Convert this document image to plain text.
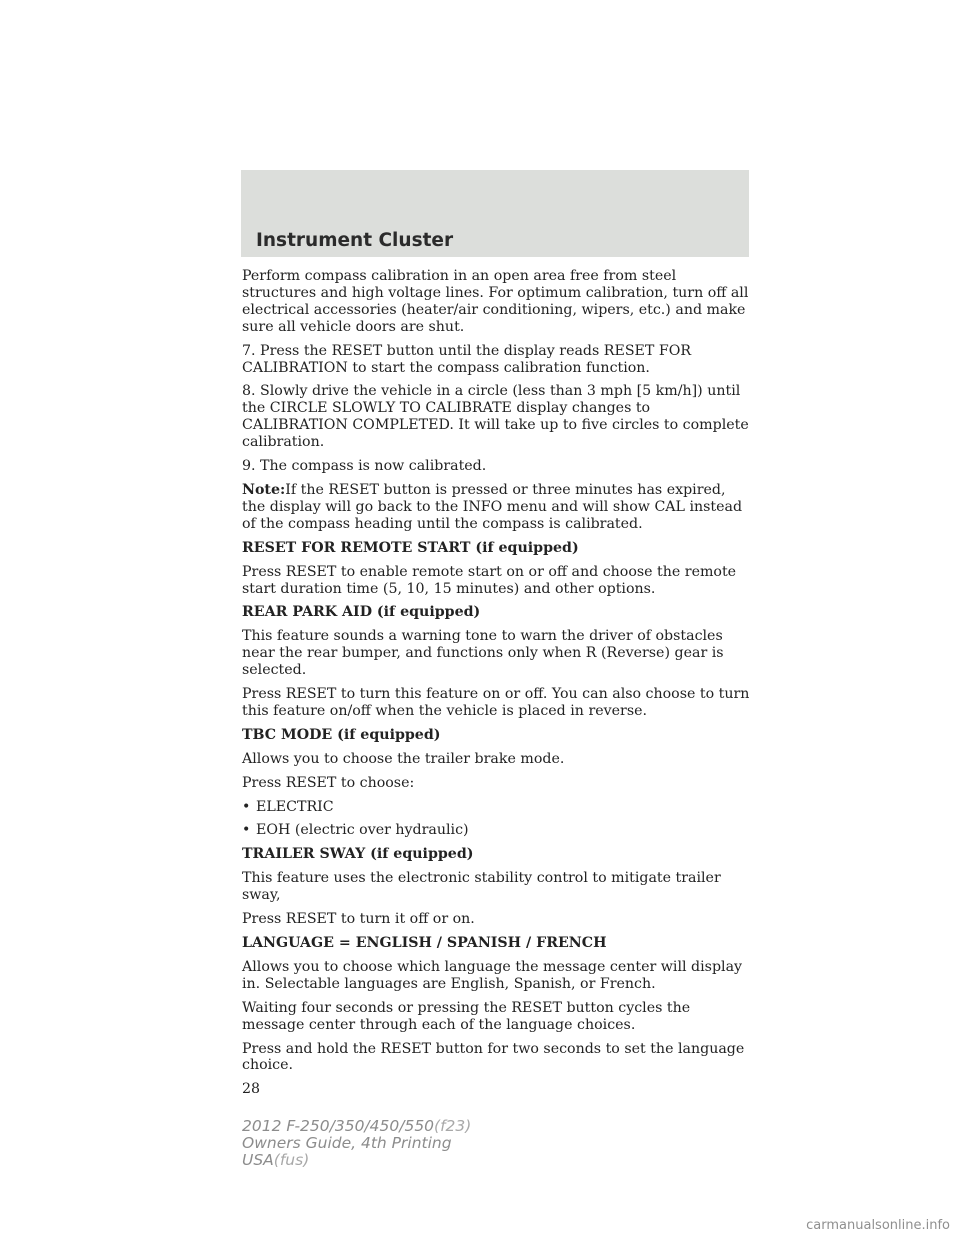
Instrument Cluster

Perform compass calibration in an open area free from steel structures and high voltage lines. For optimum calibration, turn off all electrical accessories (heater/air conditioning, wipers, etc.) and make sure all vehicle doors are shut.

7. Press the RESET button until the display reads RESET FOR CALIBRATION to start the compass calibration function.

8. Slowly drive the vehicle in a circle (less than 3 mph [5 km/h]) until the CIRCLE SLOWLY TO CALIBRATE display changes to CALIBRATION COMPLETED. It will take up to five circles to complete calibration.

9. The compass is now calibrated.

Note:If the RESET button is pressed or three minutes has expired, the display will go back to the INFO menu and will show CAL instead of the compass heading until the compass is calibrated.

RESET FOR REMOTE START (if equipped)

Press RESET to enable remote start on or off and choose the remote start duration time (5, 10, 15 minutes) and other options.

REAR PARK AID (if equipped)

This feature sounds a warning tone to warn the driver of obstacles near the rear bumper, and functions only when R (Reverse) gear is selected.

Press RESET to turn this feature on or off. You can also choose to turn this feature on/off when the vehicle is placed in reverse.

TBC MODE (if equipped)

Allows you to choose the trailer brake mode.

Press RESET to choose:

• ELECTRIC

• EOH (electric over hydraulic)

TRAILER SWAY (if equipped)

This feature uses the electronic stability control to mitigate trailer sway,

Press RESET to turn it off or on.

LANGUAGE = ENGLISH / SPANISH / FRENCH

Allows you to choose which language the message center will display in. Selectable languages are English, Spanish, or French.

Waiting four seconds or pressing the RESET button cycles the message center through each of the language choices.

Press and hold the RESET button for two seconds to set the language choice.

28

2012 F-250/350/450/550(f23)
Owners Guide, 4th Printing
USA(fus)
carmanualsonline.info
